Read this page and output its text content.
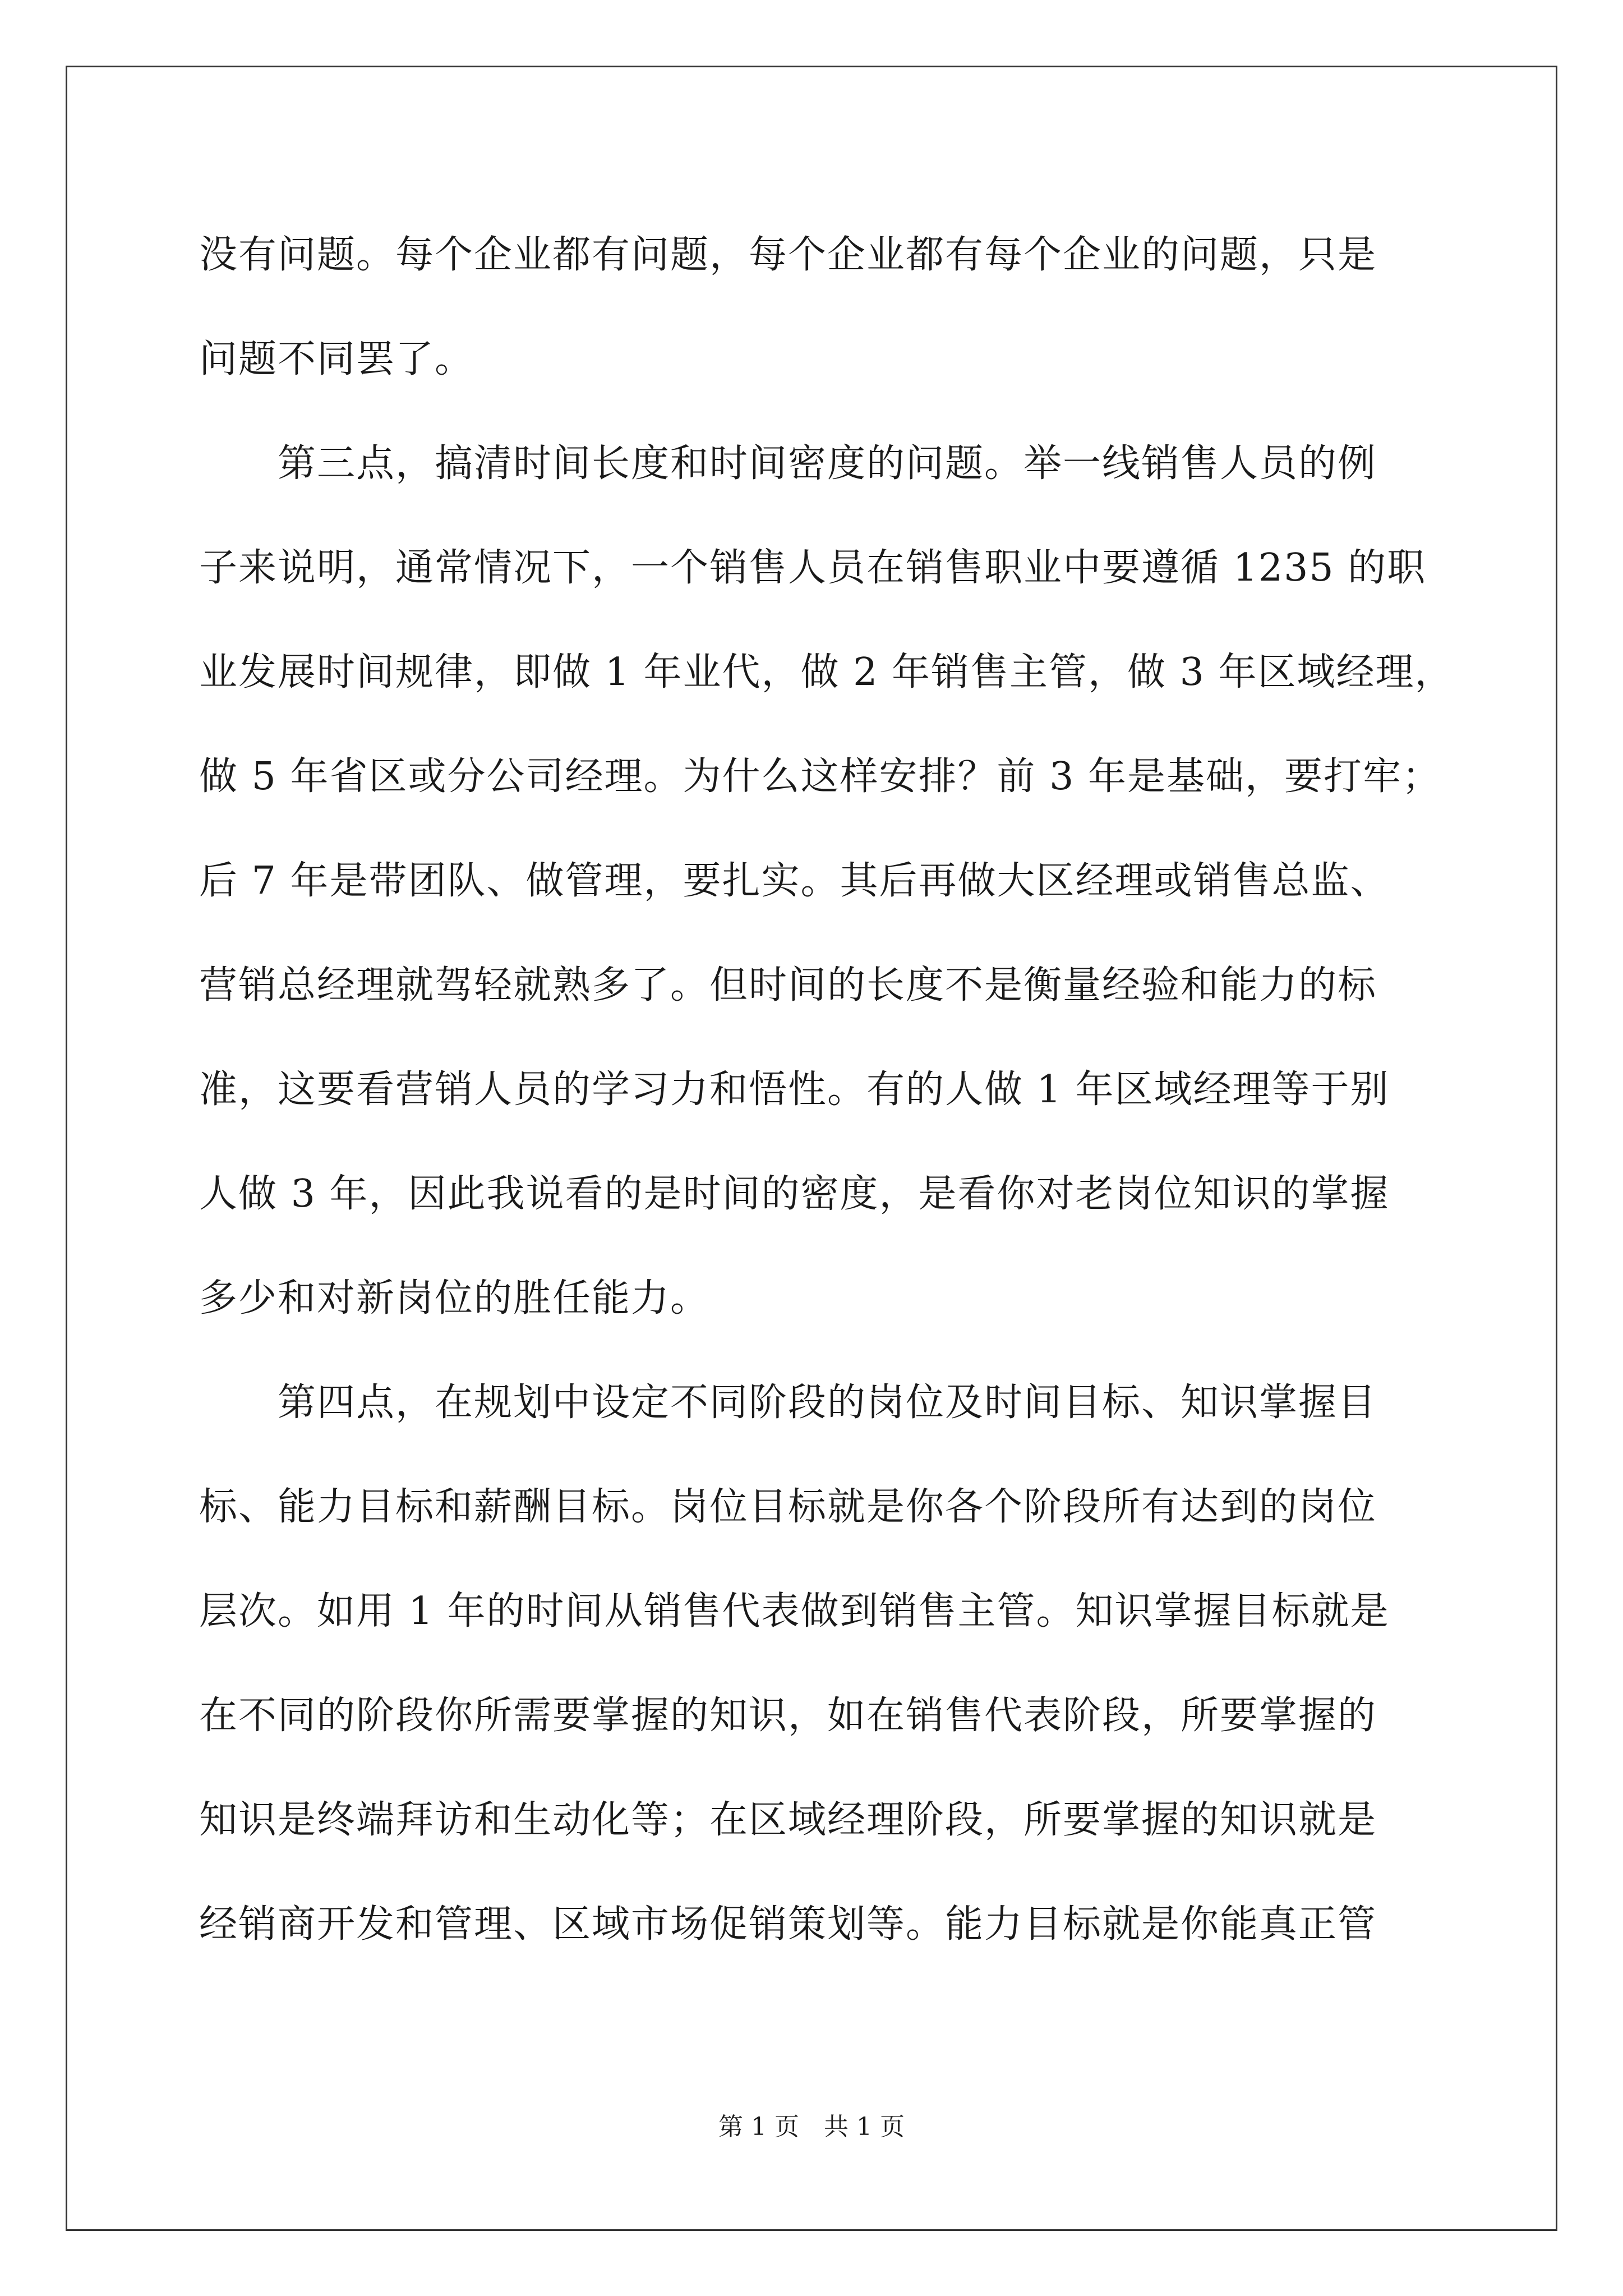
没有问题。每个企业都有问题，每个企业都有每个企业的问题，只是
问题不同罢了。
　　第三点，搞清时间长度和时间密度的问题。举一线销售人员的例
子来说明，通常情况下，一个销售人员在销售职业中要遵循 1235 的职
业发展时间规律，即做 1 年业代，做 2 年销售主管，做 3 年区域经理，
做 5 年省区或分公司经理。为什么这样安排？前 3 年是基础，要打牢；
后 7 年是带团队、做管理，要扎实。其后再做大区经理或销售总监、
营销总经理就驾轻就熟多了。但时间的长度不是衡量经验和能力的标
准，这要看营销人员的学习力和悟性。有的人做 1 年区域经理等于别
人做 3 年，因此我说看的是时间的密度，是看你对老岗位知识的掌握
多少和对新岗位的胜任能力。
　　第四点，在规划中设定不同阶段的岗位及时间目标、知识掌握目
标、能力目标和薪酬目标。岗位目标就是你各个阶段所有达到的岗位
层次。如用 1 年的时间从销售代表做到销售主管。知识掌握目标就是
在不同的阶段你所需要掌握的知识，如在销售代表阶段，所要掌握的
知识是终端拜访和生动化等；在区域经理阶段，所要掌握的知识就是
经销商开发和管理、区域市场促销策划等。能力目标就是你能真正管
第 1 页　共 1 页
